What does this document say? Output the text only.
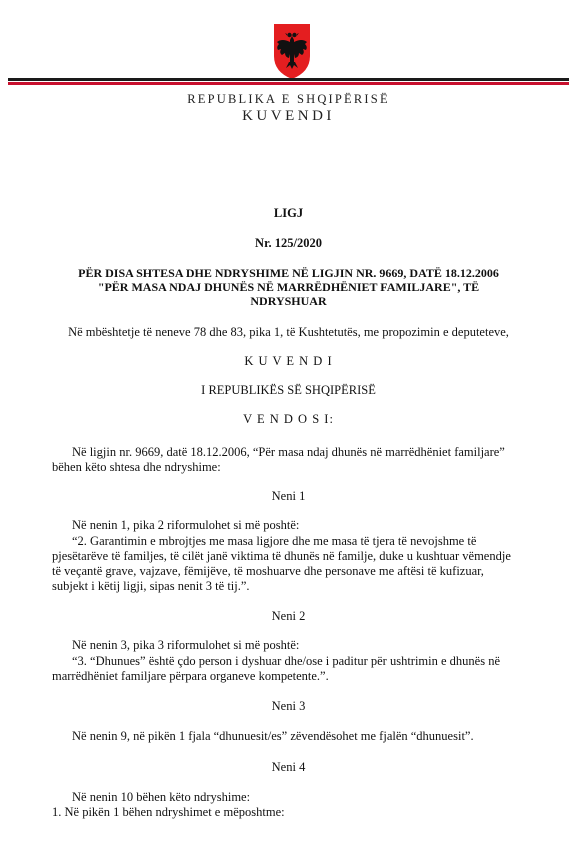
REPUBLIKA E SHQIPËRISË
KUVENDI
LIGJ
Nr. 125/2020
PËR DISA SHTESA DHE NDRYSHIME NË LIGJIN NR. 9669, DATË 18.12.2006
"PËR MASA NDAJ DHUNËS NË MARRËDHËNIET FAMILJARE", TË
NDRYSHUAR
Në mbështetje të neneve 78 dhe 83, pika 1, të Kushtetutës, me propozimin e deputeteve,
K U V E N D I
I REPUBLIKËS SË SHQIPËRISË
V E N D O S I:
Në ligjin nr. 9669, datë 18.12.2006, “Për masa ndaj dhunës në marrëdhëniet familjare”
bëhen këto shtesa dhe ndryshime:
Neni 1
Në nenin 1, pika 2 riformulohet si më poshtë:
“2. Garantimin e mbrojtjes me masa ligjore dhe me masa të tjera të nevojshme të
pjesëtarëve të familjes, të cilët janë viktima të dhunës në familje, duke u kushtuar vëmendje
të veçantë grave, vajzave, fëmijëve, të moshuarve dhe personave me aftësi të kufizuar,
subjekt i këtij ligji, sipas nenit 3 të tij.”.
Neni 2
Në nenin 3, pika 3 riformulohet si më poshtë:
“3. “Dhunues” është çdo person i dyshuar dhe/ose i paditur për ushtrimin e dhunës në
marrëdhëniet familjare përpara organeve kompetente.”.
Neni 3
Në nenin 9, në pikën 1 fjala “dhunuesit/es” zëvendësohet me fjalën “dhunuesit”.
Neni 4
Në nenin 10 bëhen këto ndryshime:
1. Në pikën 1 bëhen ndryshimet e mëposhtme:
